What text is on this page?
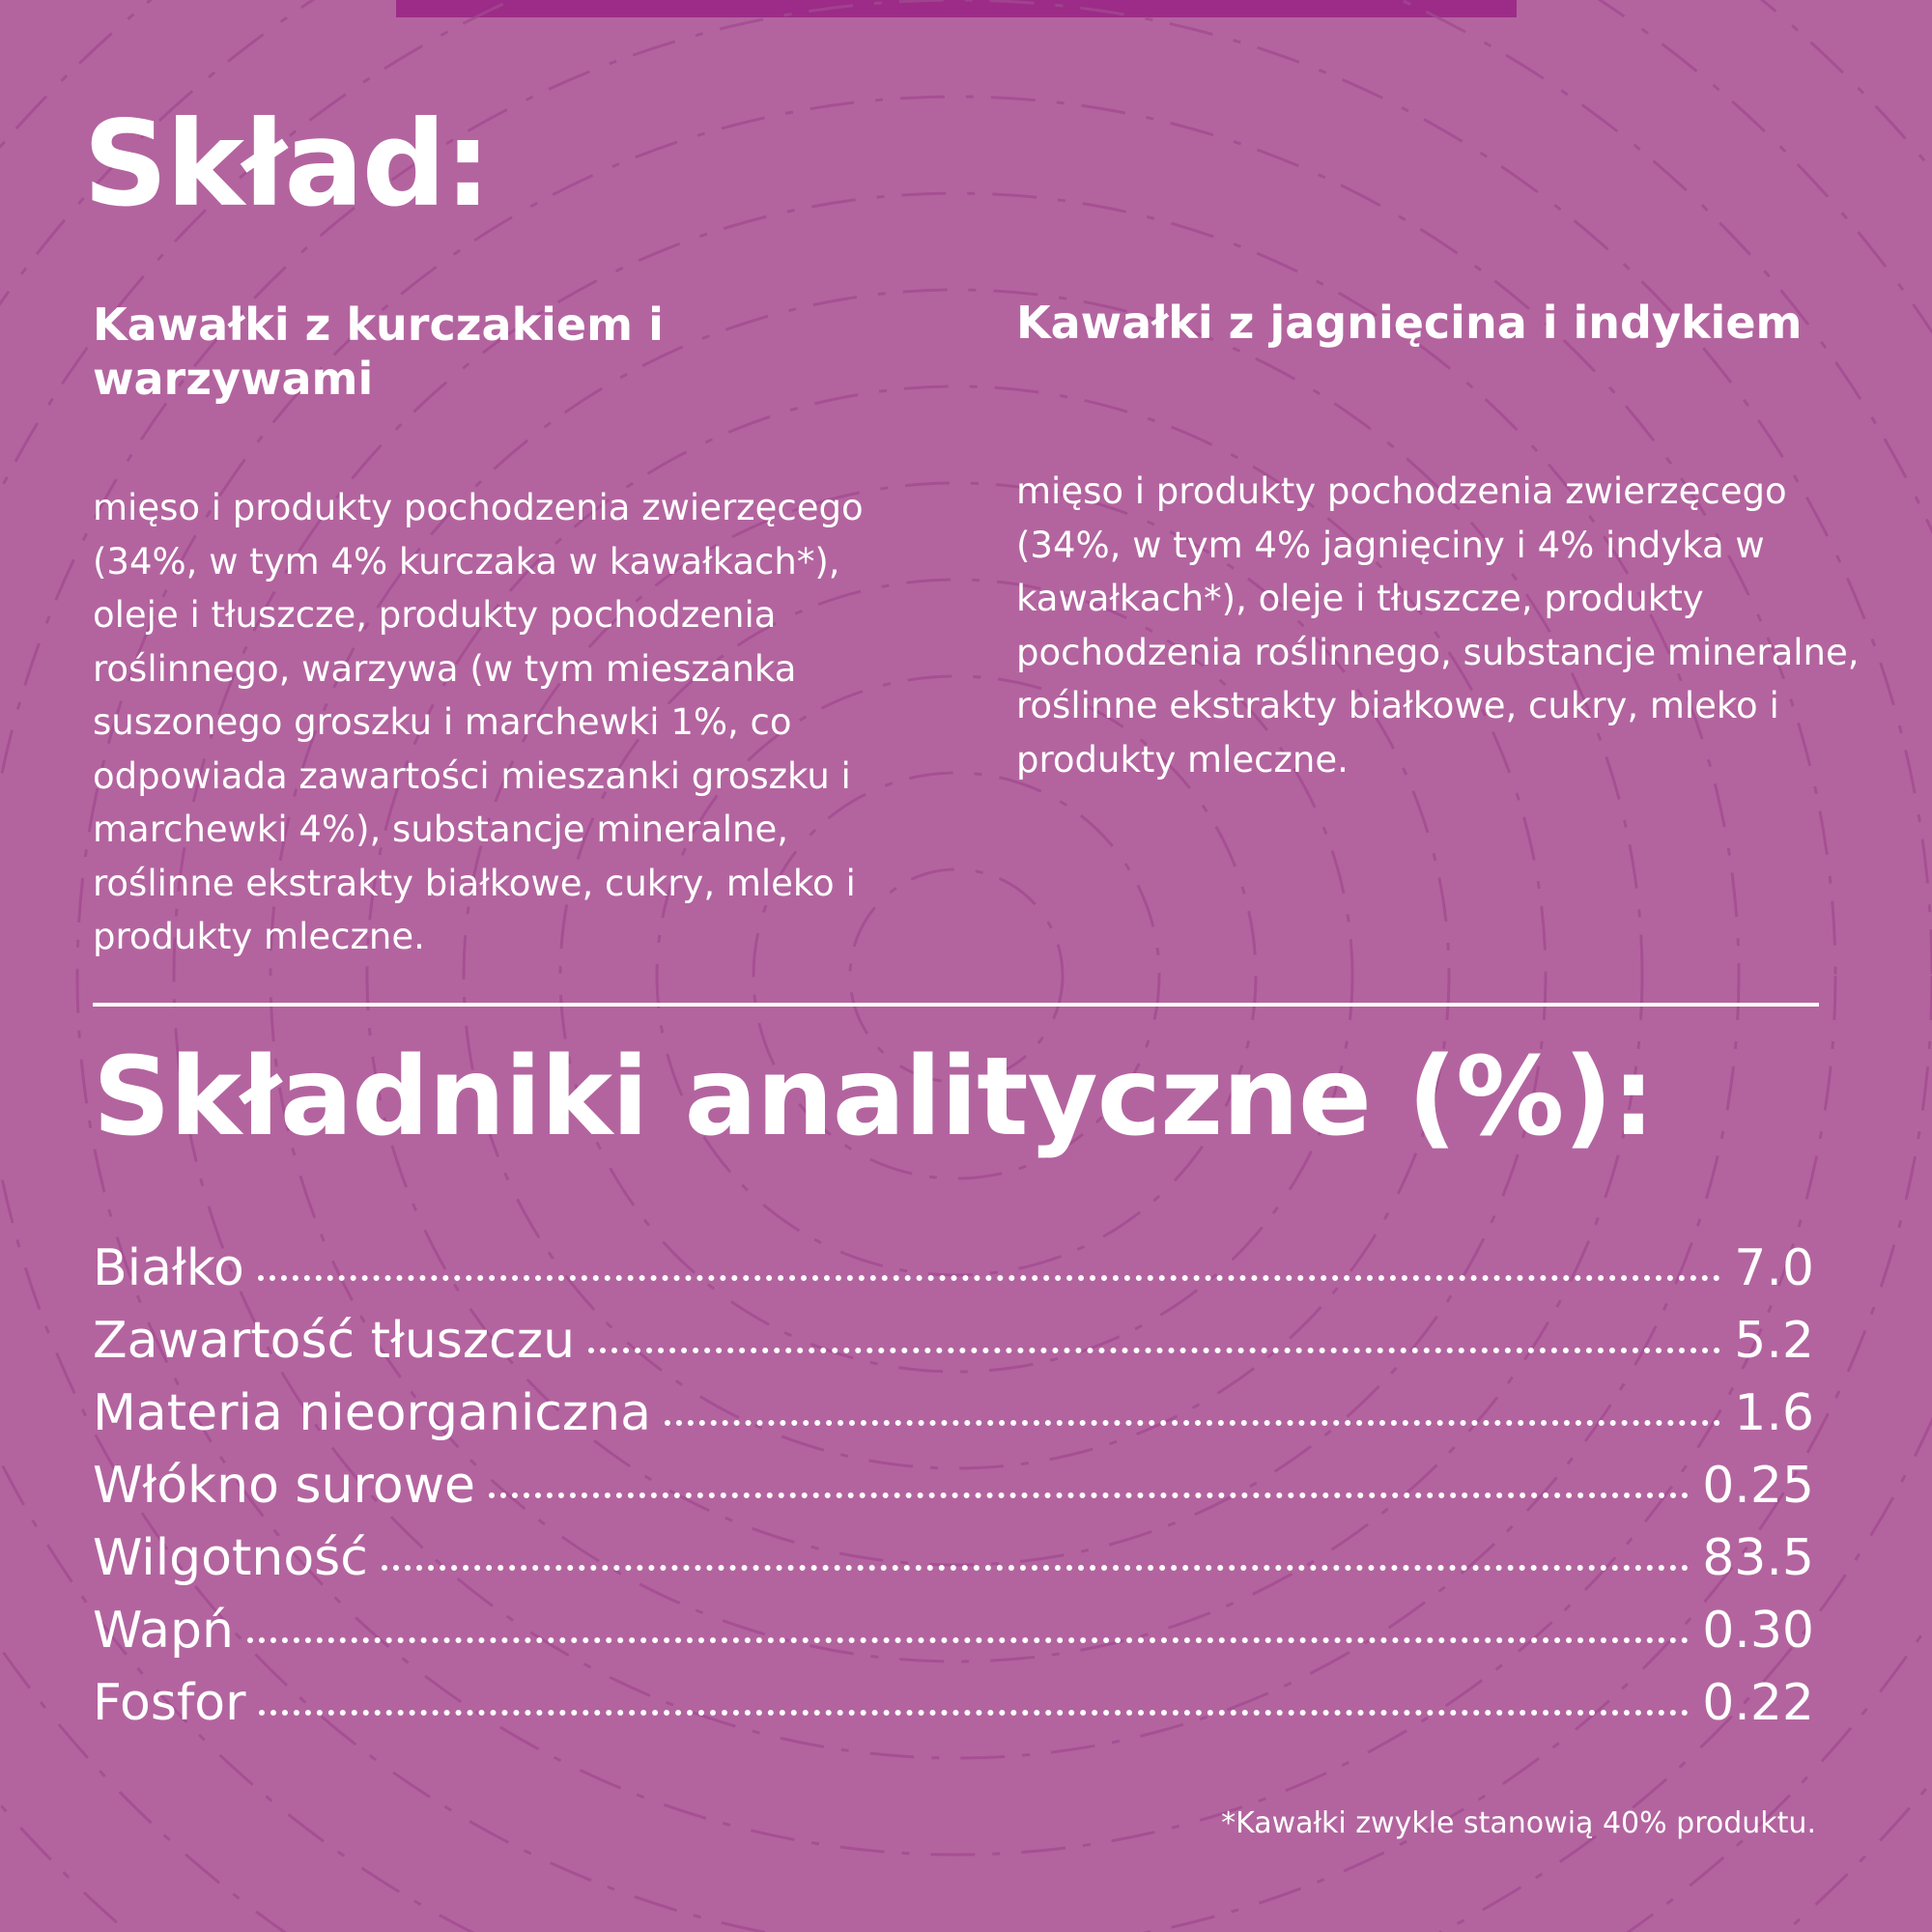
Skład:
Kawałki z kurczakiem i warzywami

mięso i produkty pochodzenia zwierzęcego (34%, w tym 4% kurczaka w kawałkach*), oleje i tłuszcze, produkty pochodzenia roślinnego, warzywa (w tym mieszanka suszonego groszku i marchewki 1%, co odpowiada zawartości mieszanki groszku i marchewki 4%), substancje mineralne, roślinne ekstrakty białkowe, cukry, mleko i produkty mleczne.

Kawałki z jagnięcina i indykiem

mięso i produkty pochodzenia zwierzęcego (34%, w tym 4% jagnięciny i 4% indyka w kawałkach*), oleje i tłuszcze, produkty pochodzenia roślinnego, substancje mineralne, roślinne ekstrakty białkowe, cukry, mleko i produkty mleczne.

Składniki analityczne (%):
Białko	7.0
Zawartość tłuszczu	5.2
Materia nieorganiczna	1.6
Włókno surowe	0.25
Wilgotność	83.5
Wapń	0.30
Fosfor	0.22

*Kawałki zwykle stanowią 40% produktu.
